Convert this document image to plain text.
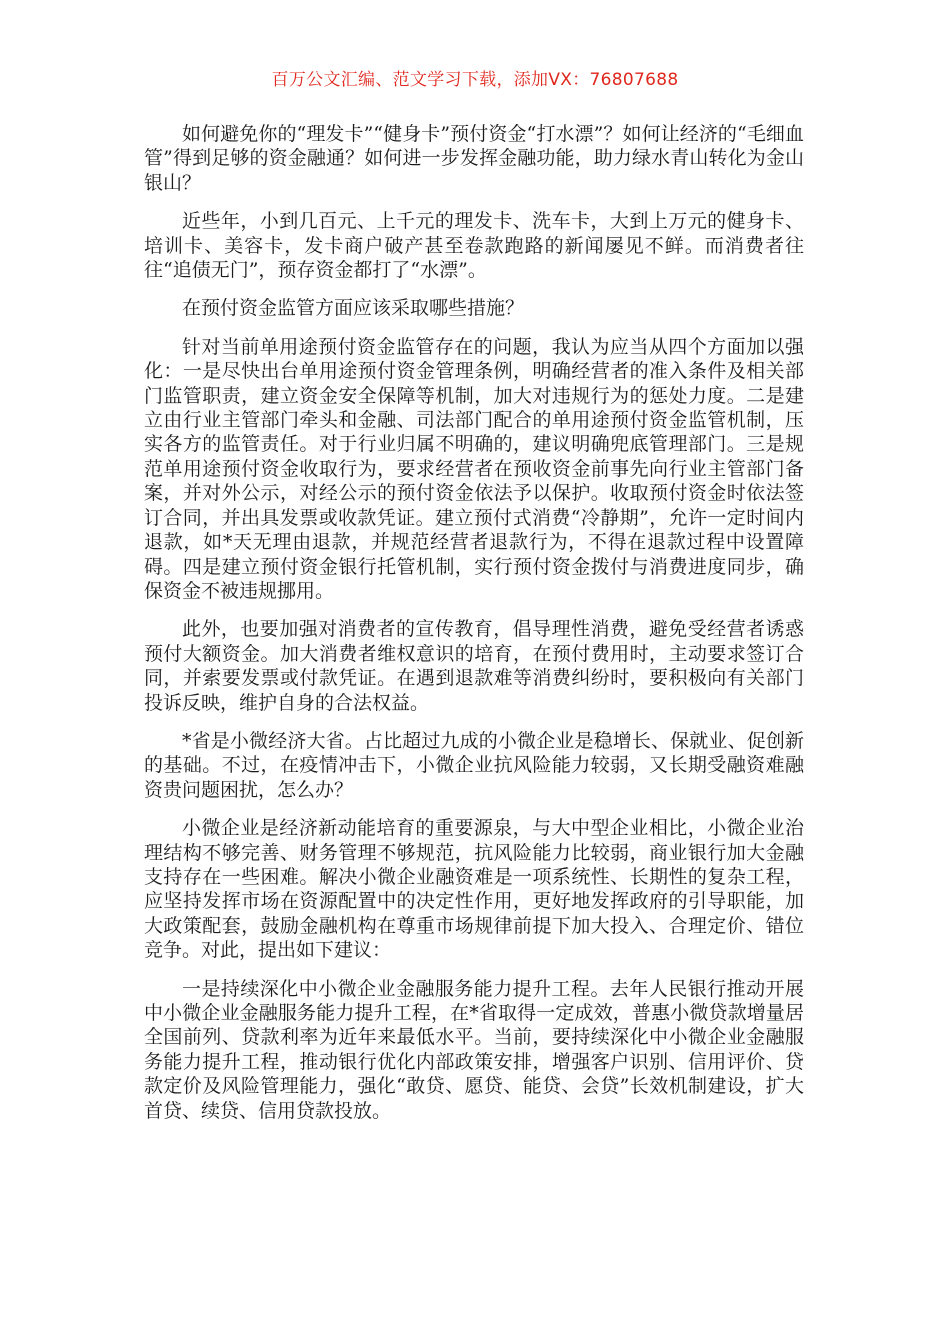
百万公文汇编、范文学习下载，添加VX：76807688

如何避免你的“理发卡”“健身卡”预付资金“打水漂”？如何让经济的“毛细血管”得到足够的资金融通？如何进一步发挥金融功能，助力绿水青山转化为金山银山？

近些年，小到几百元、上千元的理发卡、洗车卡，大到上万元的健身卡、培训卡、美容卡，发卡商户破产甚至卷款跑路的新闻屡见不鲜。而消费者往往“追债无门”，预存资金都打了“水漂”。

在预付资金监管方面应该采取哪些措施？

针对当前单用途预付资金监管存在的问题，我认为应当从四个方面加以强化：一是尽快出台单用途预付资金管理条例，明确经营者的准入条件及相关部门监管职责，建立资金安全保障等机制，加大对违规行为的惩处力度。二是建立由行业主管部门牵头和金融、司法部门配合的单用途预付资金监管机制，压实各方的监管责任。对于行业归属不明确的，建议明确兜底管理部门。三是规范单用途预付资金收取行为，要求经营者在预收资金前事先向行业主管部门备案，并对外公示，对经公示的预付资金依法予以保护。收取预付资金时依法签订合同，并出具发票或收款凭证。建立预付式消费“冷静期”，允许一定时间内退款，如*天无理由退款，并规范经营者退款行为，不得在退款过程中设置障碍。四是建立预付资金银行托管机制，实行预付资金拨付与消费进度同步，确保资金不被违规挪用。

此外，也要加强对消费者的宣传教育，倡导理性消费，避免受经营者诱惑预付大额资金。加大消费者维权意识的培育，在预付费用时，主动要求签订合同，并索要发票或付款凭证。在遇到退款难等消费纠纷时，要积极向有关部门投诉反映，维护自身的合法权益。

*省是小微经济大省。占比超过九成的小微企业是稳增长、保就业、促创新的基础。不过，在疫情冲击下，小微企业抗风险能力较弱，又长期受融资难融资贵问题困扰，怎么办？

小微企业是经济新动能培育的重要源泉，与大中型企业相比，小微企业治理结构不够完善、财务管理不够规范，抗风险能力比较弱，商业银行加大金融支持存在一些困难。解决小微企业融资难是一项系统性、长期性的复杂工程，应坚持发挥市场在资源配置中的决定性作用，更好地发挥政府的引导职能，加大政策配套，鼓励金融机构在尊重市场规律前提下加大投入、合理定价、错位竞争。对此，提出如下建议：

一是持续深化中小微企业金融服务能力提升工程。去年人民银行推动开展中小微企业金融服务能力提升工程，在*省取得一定成效，普惠小微贷款增量居全国前列、贷款利率为近年来最低水平。当前，要持续深化中小微企业金融服务能力提升工程，推动银行优化内部政策安排，增强客户识别、信用评价、贷款定价及风险管理能力，强化“敢贷、愿贷、能贷、会贷”长效机制建设，扩大首贷、续贷、信用贷款投放。
